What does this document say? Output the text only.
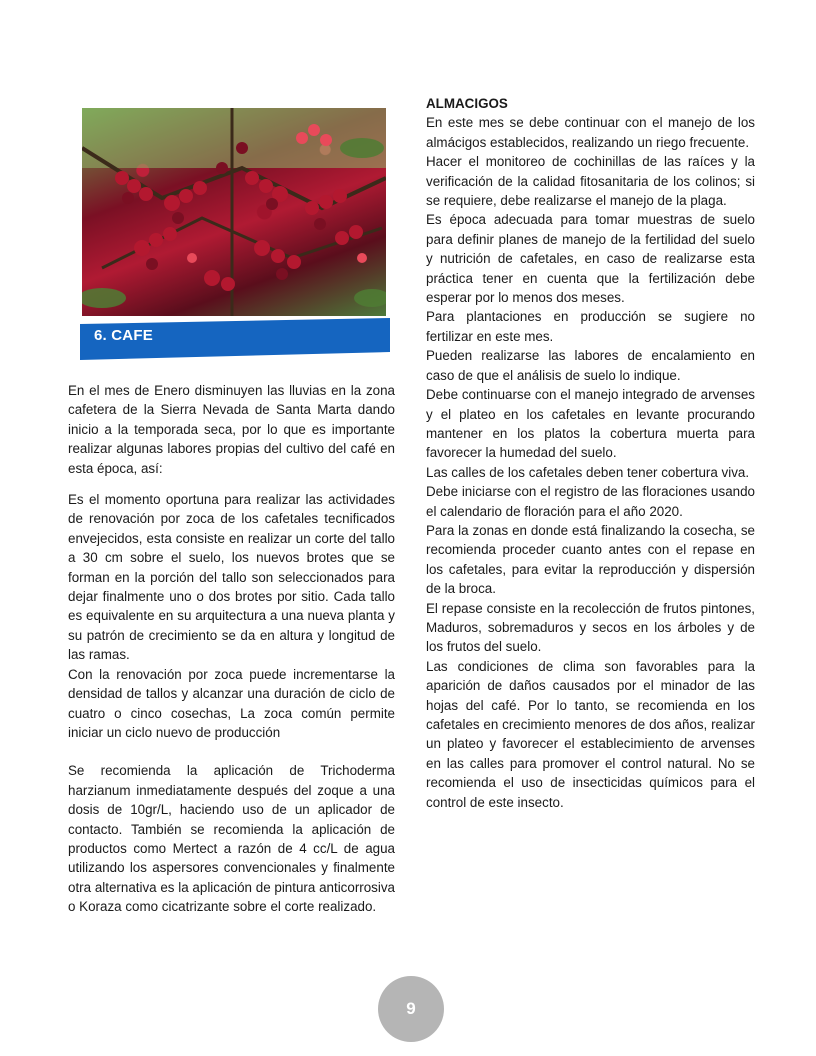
6. CAFE

En el mes de Enero disminuyen las lluvias en la zona cafetera de la Sierra Nevada de Santa Marta dando inicio a la temporada seca, por lo que es importante realizar algunas labores propias del cultivo del café en esta época, así:

Es el momento oportuna para realizar las actividades de renovación por zoca de los cafetales tecnificados envejecidos, esta consiste en realizar un corte del tallo a 30 cm sobre el suelo, los nuevos brotes que se forman en la porción del tallo son seleccionados para dejar finalmente uno o dos brotes por sitio. Cada tallo es equivalente en su arquitectura a una nueva planta y su patrón de crecimiento se da en altura y longitud de las ramas.

Con la renovación por zoca puede incrementarse la densidad de tallos y alcanzar una duración de ciclo de cuatro o cinco cosechas, La zoca común permite iniciar un ciclo nuevo de producción

Se recomienda la aplicación de Trichoderma harzianum inmediatamente después del zoque a una dosis de 10gr/L, haciendo uso de un aplicador de contacto. También se recomienda la aplicación de productos como Mertect a razón de 4 cc/L de agua utilizando los aspersores convencionales y finalmente otra alternativa es la aplicación de pintura anticorrosiva o Koraza como cicatrizante sobre el corte realizado.

ALMACIGOS

En este mes se debe continuar con el manejo de los almácigos establecidos, realizando un riego frecuente.

Hacer el monitoreo de cochinillas de las raíces y la verificación de la calidad fitosanitaria de los colinos; si se requiere, debe realizarse el manejo de la plaga.

Es época adecuada para tomar muestras de suelo para definir planes de manejo de la fertilidad del suelo y nutrición de cafetales, en caso de realizarse esta práctica tener en cuenta que la fertilización debe esperar por lo menos dos meses.

Para plantaciones en producción se sugiere no fertilizar en este mes.

Pueden realizarse las labores de encalamiento en caso de que el análisis de suelo lo indique.

Debe continuarse con el manejo integrado de arvenses y el plateo en los cafetales en levante procurando mantener en los platos la cobertura muerta para favorecer la humedad del suelo.

Las calles de los cafetales deben tener cobertura viva.

Debe iniciarse con el registro de las floraciones usando el calendario de floración para el año 2020.

Para la zonas en donde está finalizando la cosecha, se recomienda proceder cuanto antes con el repase en los cafetales, para evitar la reproducción y dispersión de la broca.

El repase consiste en la recolección de frutos pintones, Maduros, sobremaduros y secos en los árboles y de los frutos del suelo.

Las condiciones de clima son favorables para la aparición de daños causados por el minador de las hojas del café. Por lo tanto, se recomienda en los cafetales en crecimiento menores de dos años, realizar un plateo y favorecer el establecimiento de arvenses en las calles para promover el control natural. No se recomienda el uso de insecticidas químicos para el control de este insecto.

9
